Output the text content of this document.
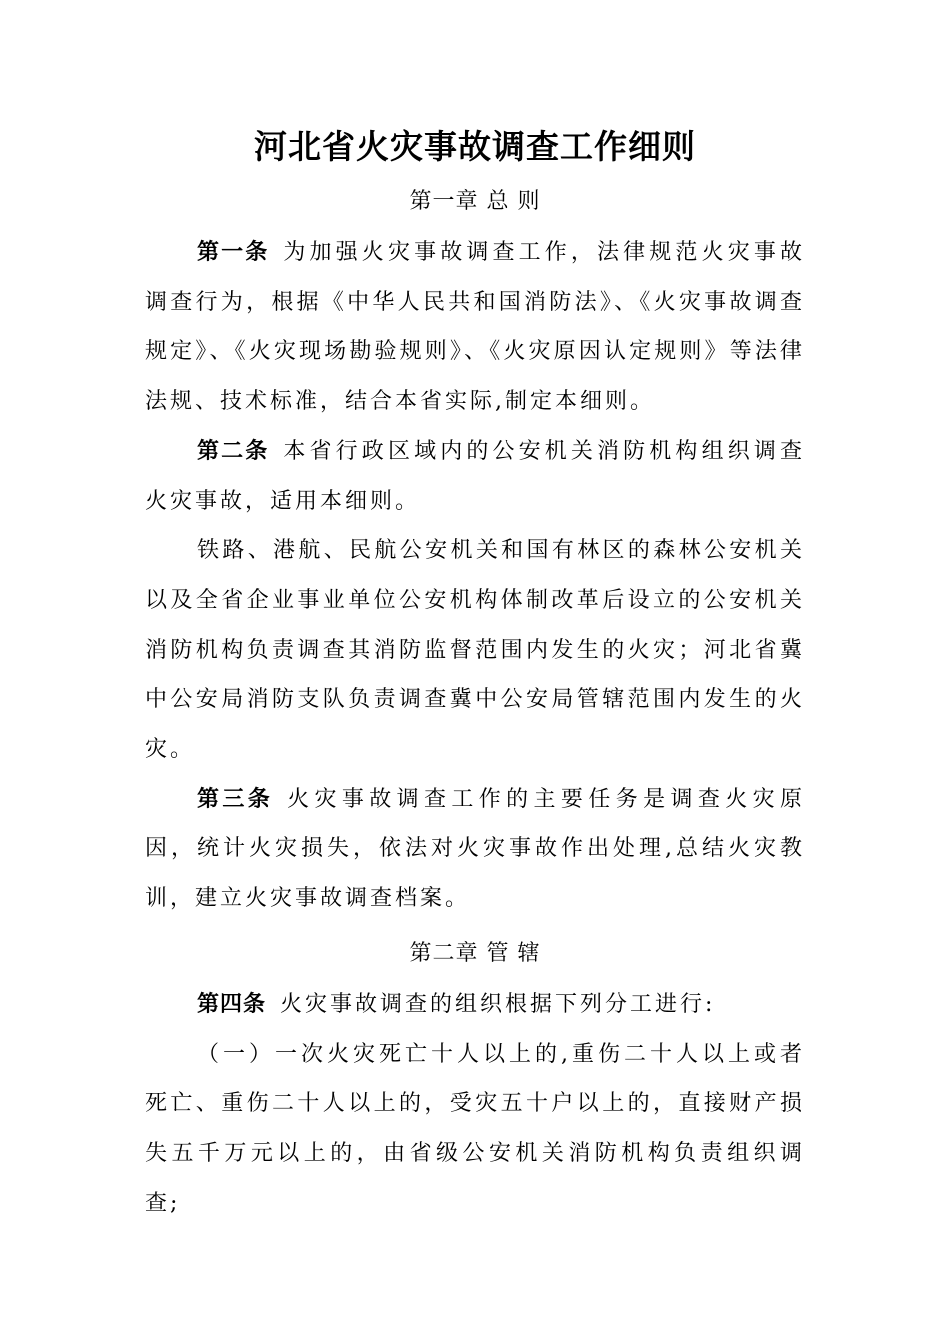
河北省火灾事故调查工作细则
第一章 总 则

第一条 为加强火灾事故调查工作，法律规范火灾事故调查行为，根据《中华人民共和国消防法》、《火灾事故调查规定》、《火灾现场勘验规则》、《火灾原因认定规则》等法律法规、技术标准，结合本省实际,制定本细则。

第二条 本省行政区域内的公安机关消防机构组织调查火灾事故，适用本细则。

铁路、港航、民航公安机关和国有林区的森林公安机关以及全省企业事业单位公安机构体制改革后设立的公安机关消防机构负责调查其消防监督范围内发生的火灾；河北省冀中公安局消防支队负责调查冀中公安局管辖范围内发生的火灾。

第三条 火灾事故调查工作的主要任务是调查火灾原因，统计火灾损失，依法对火灾事故作出处理,总结火灾教训，建立火灾事故调查档案。

第二章 管 辖

第四条 火灾事故调查的组织根据下列分工进行:

（一）一次火灾死亡十人以上的,重伤二十人以上或者死亡、重伤二十人以上的，受灾五十户以上的，直接财产损失五千万元以上的，由省级公安机关消防机构负责组织调查;
